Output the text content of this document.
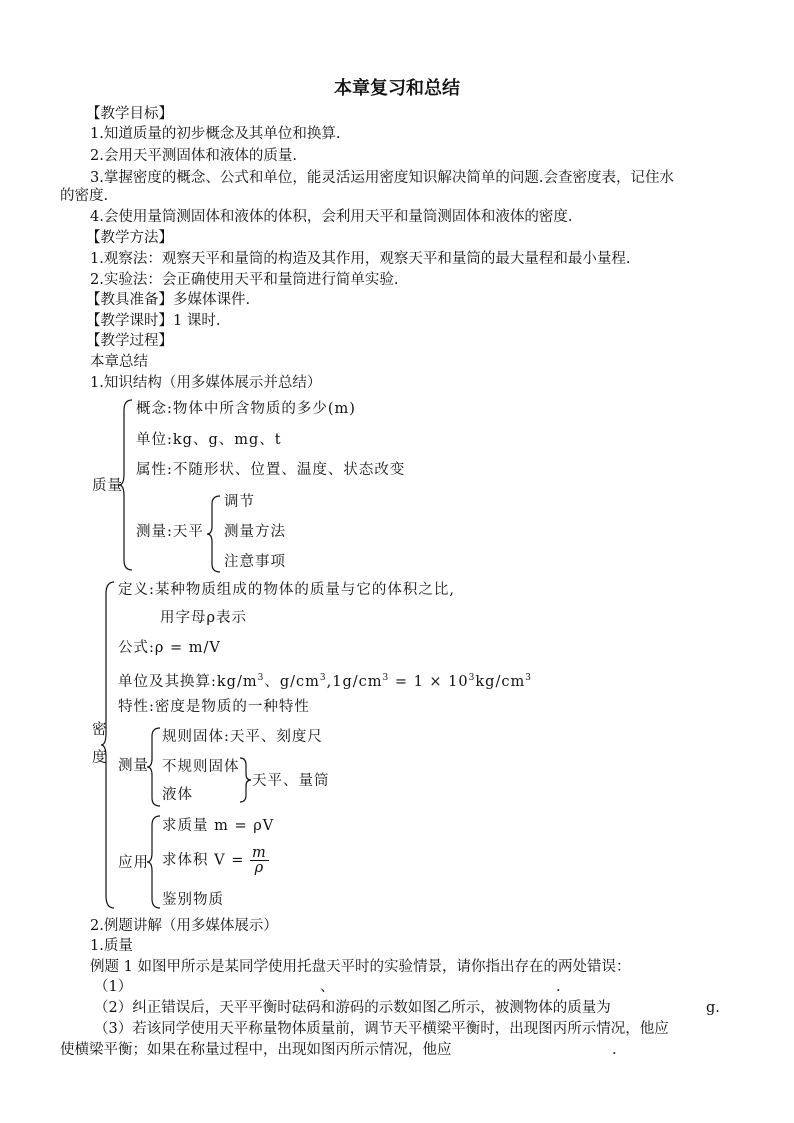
本章复习和总结
【教学目标】
1.知道质量的初步概念及其单位和换算.
2.会用天平测固体和液体的质量.
3.掌握密度的概念、公式和单位，能灵活运用密度知识解决简单的问题.会查密度表，记住水
的密度.
4.会使用量筒测固体和液体的体积，会利用天平和量筒测固体和液体的密度.
【教学方法】
1.观察法：观察天平和量筒的构造及其作用，观察天平和量筒的最大量程和最小量程.
2.实验法：会正确使用天平和量筒进行简单实验.
【教具准备】多媒体课件.
【教学课时】1 课时.
【教学过程】
本章总结
1.知识结构（用多媒体展示并总结）
质量
概念:物体中所含物质的多少(m)
单位:kg、g、mg、t
属性:不随形状、位置、温度、状态改变
测量:天平
调节
测量方法
注意事项
密
度
定义:某种物质组成的物体的质量与它的体积之比,
用字母ρ表示
公式:ρ = m/V
单位及其换算$:kg/m^3$、$g/cm^3,1g/cm^3 = 1 \times 10^3kg/cm^3$
特性:密度是物质的一种特性
测量
规则固体:天平、刻度尺
不规则固体
液体
天平、量筒
应用
求质量 m = ρV
求体积 $V = \frac{m}{\rho}$
鉴别物质
2.例题讲解（用多媒体展示）
1.质量
例题 1 如图甲所示是某同学使用托盘天平时的实验情景，请你指出存在的两处错误：
（1）	、	.
（2）纠正错误后，天平平衡时砝码和游码的示数如图乙所示，被测物体的质量为	g.
（3）若该同学使用天平称量物体质量前，调节天平横梁平衡时，出现图丙所示情况，他应
使横梁平衡；如果在称量过程中，出现如图丙所示情况，他应	.
